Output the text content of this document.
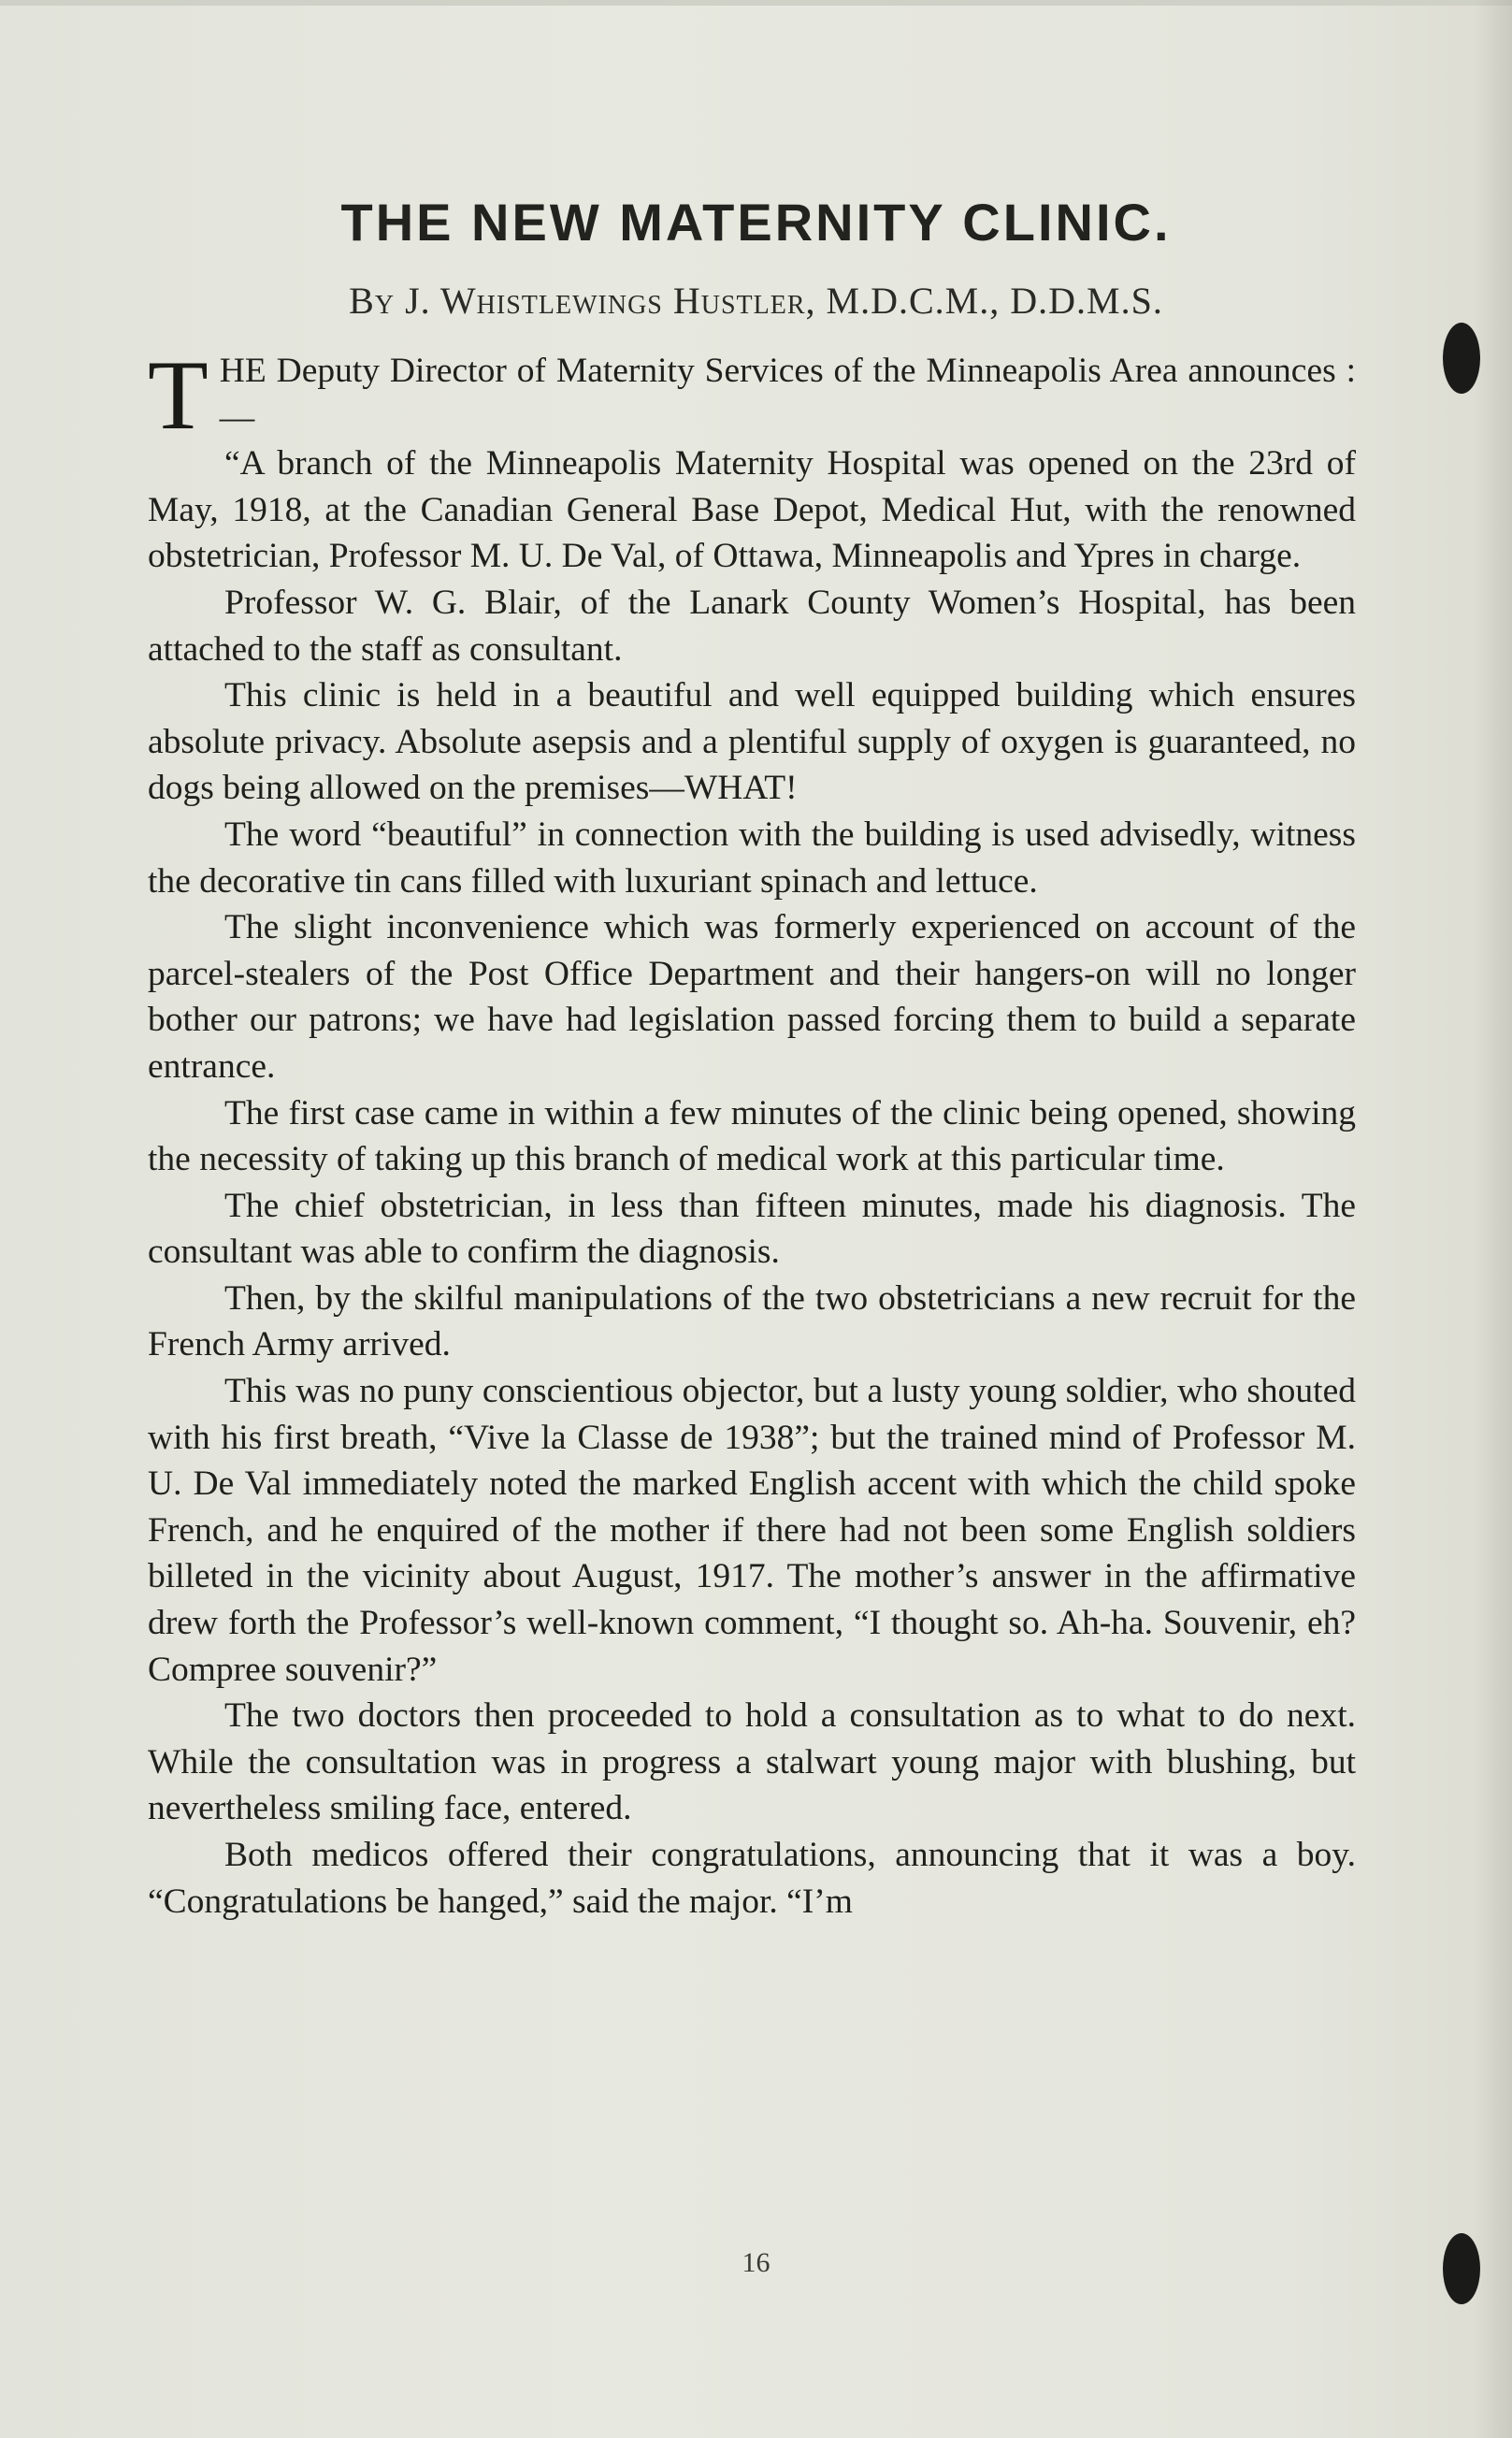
THE NEW MATERNITY CLINIC.
By J. Whistlewings Hustler, M.D.C.M., D.D.M.S.

THE Deputy Director of Maternity Services of the Minneapolis Area announces :—

“A branch of the Minneapolis Maternity Hospital was opened on the 23rd of May, 1918, at the Canadian General Base Depot, Medical Hut, with the renowned obstetrician, Professor M. U. De Val, of Ottawa, Minneapolis and Ypres in charge.

Professor W. G. Blair, of the Lanark County Women’s Hospital, has been attached to the staff as consultant.

This clinic is held in a beautiful and well equipped building which ensures absolute privacy. Absolute asepsis and a plentiful supply of oxygen is guaranteed, no dogs being allowed on the premises—WHAT!

The word “beautiful” in connection with the building is used advisedly, witness the decorative tin cans filled with luxuriant spinach and lettuce.

The slight inconvenience which was formerly experienced on account of the parcel-stealers of the Post Office Department and their hangers-on will no longer bother our patrons; we have had legislation passed forcing them to build a separate entrance.

The first case came in within a few minutes of the clinic being opened, showing the necessity of taking up this branch of medical work at this particular time.

The chief obstetrician, in less than fifteen minutes, made his diagnosis. The consultant was able to confirm the diagnosis.

Then, by the skilful manipulations of the two obstetricians a new recruit for the French Army arrived.

This was no puny conscientious objector, but a lusty young soldier, who shouted with his first breath, “Vive la Classe de 1938”; but the trained mind of Professor M. U. De Val immediately noted the marked English accent with which the child spoke French, and he enquired of the mother if there had not been some English soldiers billeted in the vicinity about August, 1917. The mother’s answer in the affirmative drew forth the Professor’s well-known comment, “I thought so. Ah-ha. Souvenir, eh? Compree souvenir?”

The two doctors then proceeded to hold a consultation as to what to do next. While the consultation was in progress a stalwart young major with blushing, but nevertheless smiling face, entered.

Both medicos offered their congratulations, announcing that it was a boy. “Congratulations be hanged,” said the major. “I’m

16
